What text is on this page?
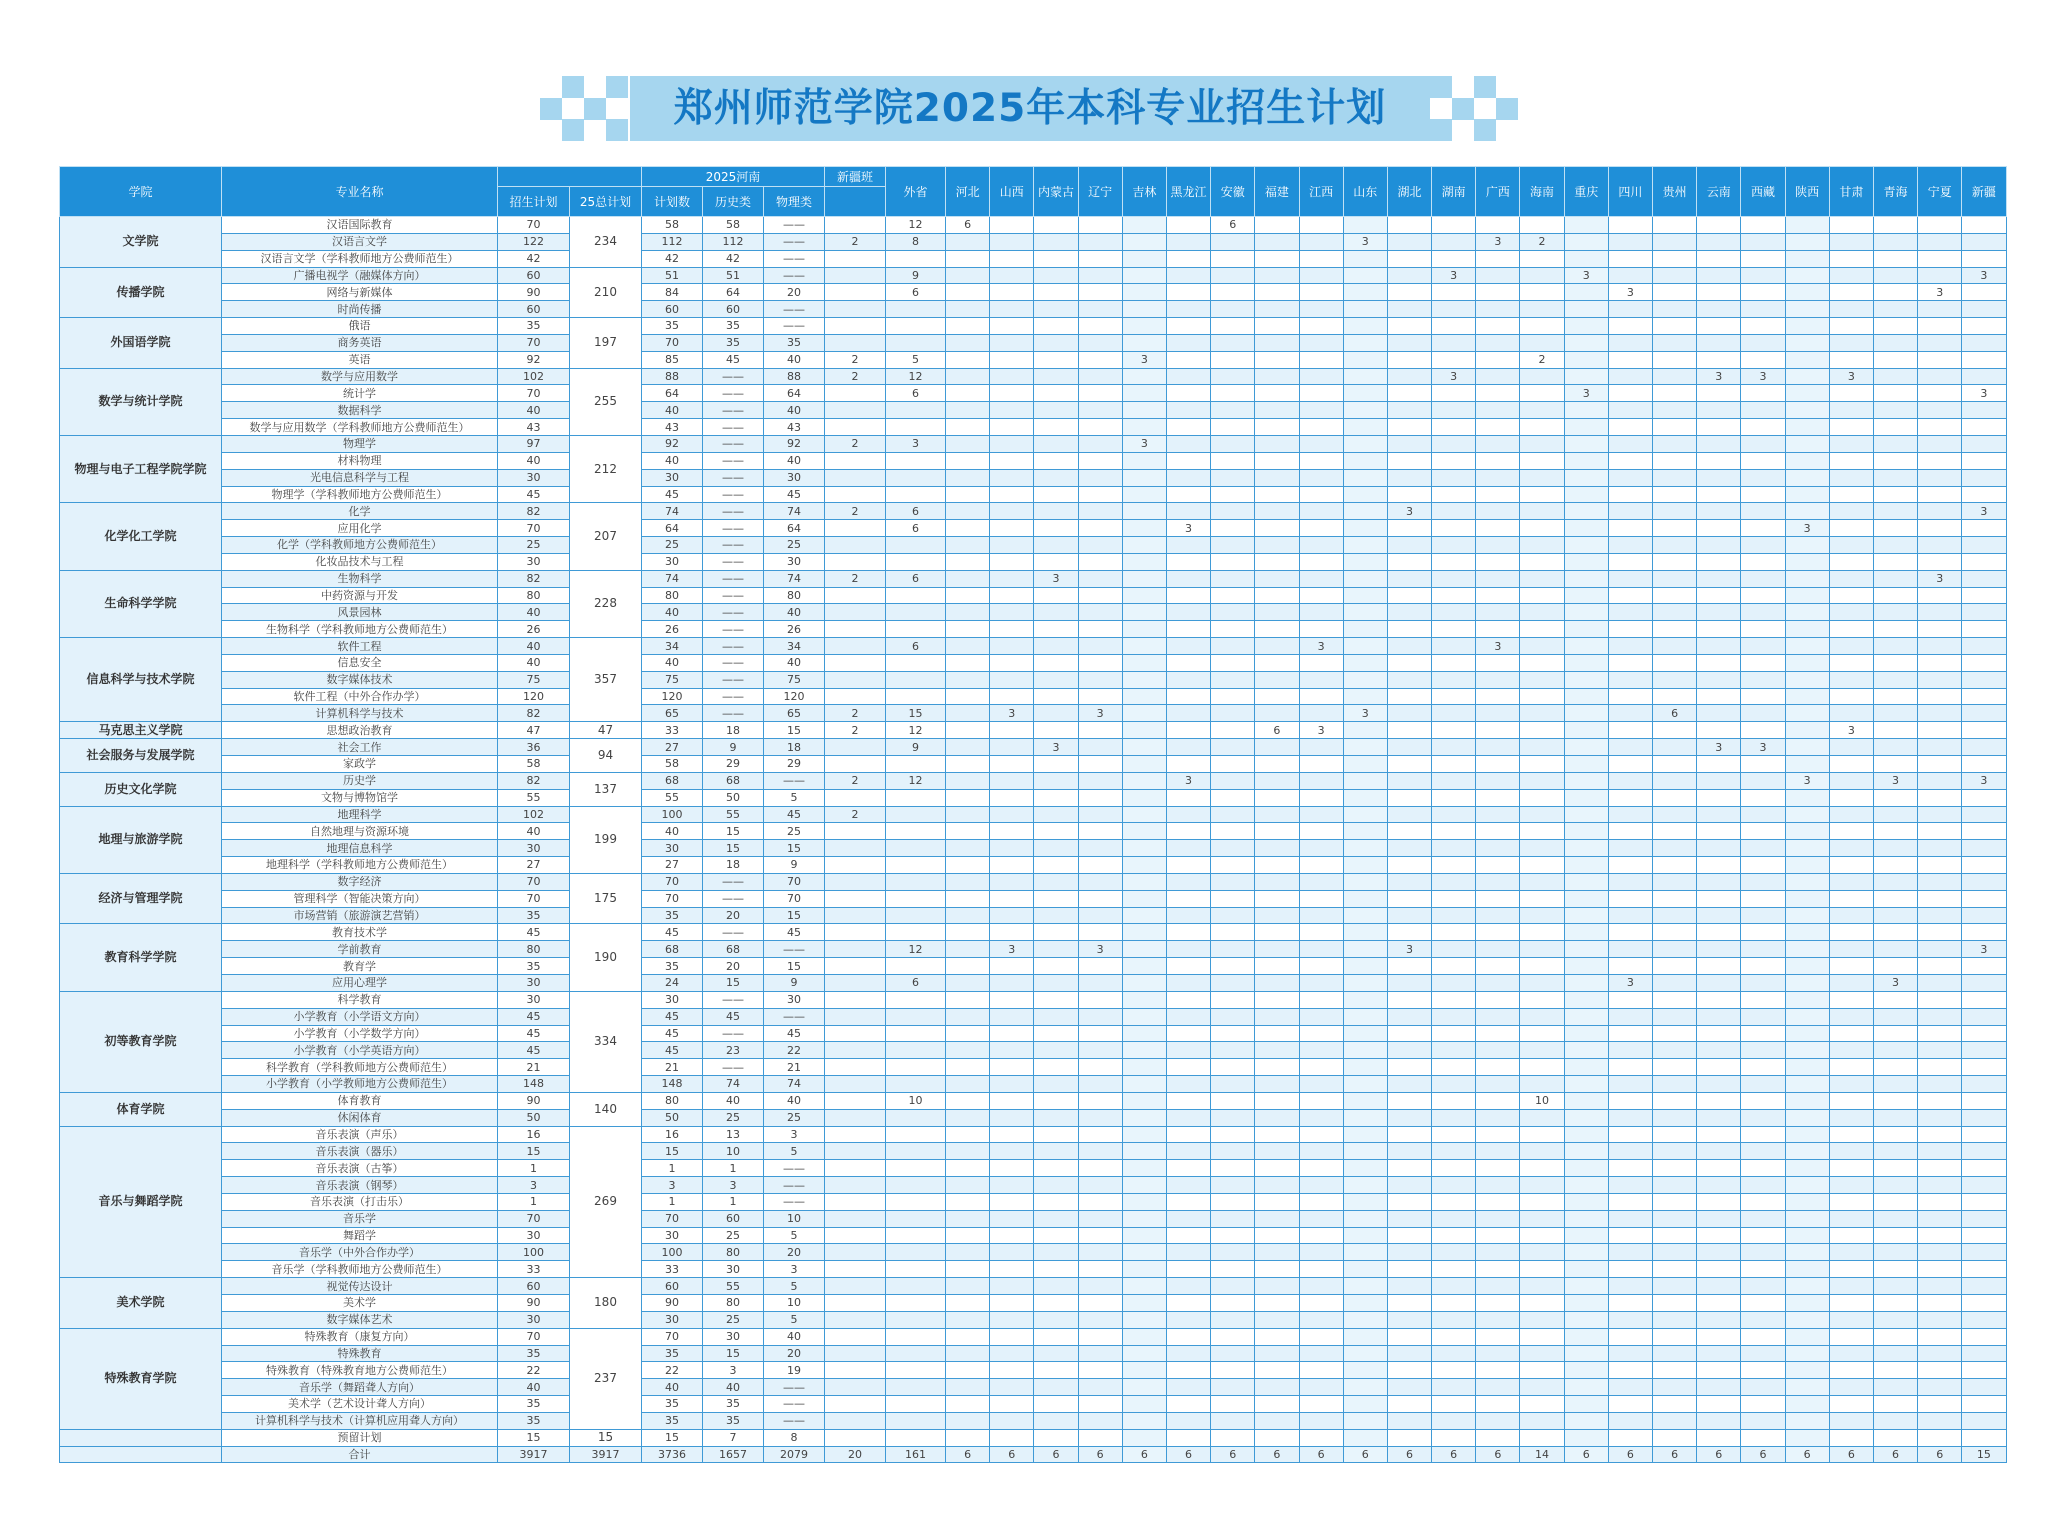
郑州师范学院2025年本科专业招生计划
学院	专业名称			2025河南			新疆班	外省	河北	山西	内蒙古	辽宁	吉林	黑龙江	安徽	福建	江西	山东	湖北	湖南	广西	海南	重庆	四川	贵州	云南	西藏	陕西	甘肃	青海	宁夏	新疆
		招生计划	25总计划	计划数	历史类	物理类																										
文学院	汉语国际教育	70	234	58	58	——		12	6						6																	
	汉语言文学	122		112	112	——	2	8										3			3	2										
	汉语言文学（学科教师地方公费师范生）	42		42	42	——																										
传播学院	广播电视学（融媒体方向）	60	210	51	51	——		9												3			3									3
	网络与新媒体	90		84	64	20		6																3							3	
	时尚传播	60		60	60	——																										
外国语学院	俄语	35	197	35	35	——																										
	商务英语	70		70	35	35																										
	英语	92		85	45	40	2	5					3									2										
数学与统计学院	数学与应用数学	102	255	88	——	88	2	12												3						3	3		3			
	统计学	70		64	——	64		6															3									3
	数据科学	40		40	——	40																										
	数学与应用数学（学科教师地方公费师范生）	43		43	——	43																										
物理与电子工程学院学院	物理学	97	212	92	——	92	2	3					3																			
	材料物理	40		40	——	40																										
	光电信息科学与工程	30		30	——	30																										
	物理学（学科教师地方公费师范生）	45		45	——	45																										
化学化工学院	化学	82	207	74	——	74	2	6											3													3
	应用化学	70		64	——	64		6						3														3				
	化学（学科教师地方公费师范生）	25		25	——	25																										
	化妆品技术与工程	30		30	——	30																										
生命科学学院	生物科学	82	228	74	——	74	2	6			3																				3	
	中药资源与开发	80		80	——	80																										
	风景园林	40		40	——	40																										
	生物科学（学科教师地方公费师范生）	26		26	——	26																										
信息科学与技术学院	软件工程	40	357	34	——	34		6									3				3											
	信息安全	40		40	——	40																										
	数字媒体技术	75		75	——	75																										
	软件工程（中外合作办学）	120		120	——	120																										
	计算机科学与技术	82		65	——	65	2	15		3		3						3							6							
马克思主义学院	思想政治教育	47	47	33	18	15	2	12								6	3												3			
社会服务与发展学院	社会工作	36	94	27	9	18		9			3															3	3					
	家政学	58		58	29	29																										
历史文化学院	历史学	82	137	68	68	——	2	12						3														3		3		3
	文物与博物馆学	55		55	50	5																										
地理与旅游学院	地理科学	102	199	100	55	45	2																									
	自然地理与资源环境	40		40	15	25																										
	地理信息科学	30		30	15	15																										
	地理科学（学科教师地方公费师范生）	27		27	18	9																										
经济与管理学院	数字经济	70	175	70	——	70																										
	管理科学（智能决策方向）	70		70	——	70																										
	市场营销（旅游演艺营销）	35		35	20	15																										
教育科学学院	教育技术学	45	190	45	——	45																										
	学前教育	80		68	68	——		12		3		3							3													3
	教育学	35		35	20	15																										
	应用心理学	30		24	15	9		6																3						3		
初等教育学院	科学教育	30	334	30	——	30																										
	小学教育（小学语文方向）	45		45	45	——																										
	小学教育（小学数学方向）	45		45	——	45																										
	小学教育（小学英语方向）	45		45	23	22																										
	科学教育（学科教师地方公费师范生）	21		21	——	21																										
	小学教育（小学教师地方公费师范生）	148		148	74	74																										
体育学院	体育教育	90	140	80	40	40		10														10										
	休闲体育	50		50	25	25																										
音乐与舞蹈学院	音乐表演（声乐）	16	269	16	13	3																										
	音乐表演（器乐）	15		15	10	5																										
	音乐表演（古筝）	1		1	1	——																										
	音乐表演（钢琴）	3		3	3	——																										
	音乐表演（打击乐）	1		1	1	——																										
	音乐学	70		70	60	10																										
	舞蹈学	30		30	25	5																										
	音乐学（中外合作办学）	100		100	80	20																										
	音乐学（学科教师地方公费师范生）	33		33	30	3																										
美术学院	视觉传达设计	60	180	60	55	5																										
	美术学	90		90	80	10																										
	数字媒体艺术	30		30	25	5																										
特殊教育学院	特殊教育（康复方向）	70	237	70	30	40																										
	特殊教育	35		35	15	20																										
	特殊教育（特殊教育地方公费师范生）	22		22	3	19																										
	音乐学（舞蹈聋人方向）	40		40	40	——																										
	美术学（艺术设计聋人方向）	35		35	35	——																										
	计算机科学与技术（计算机应用聋人方向）	35		35	35	——																										
	预留计划	15	15	15	7	8																										
	合计	3917	3917	3736	1657	2079	20	161	6	6	6	6	6	6	6	6	6	6	6	6	6	14	6	6	6	6	6	6	6	6	6	15
